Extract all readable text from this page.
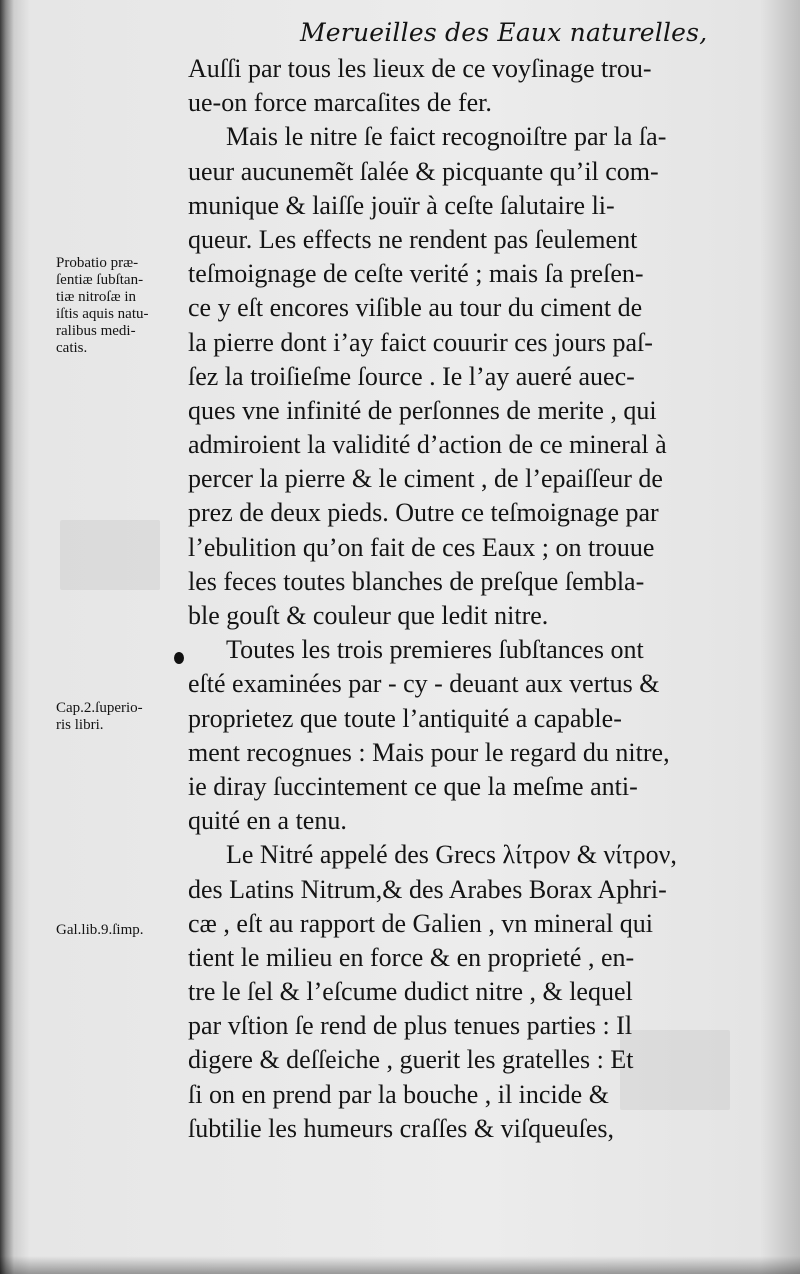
Merueilles des Eaux naturelles,
Auſſi par tous les lieux de ce voyſinage trou-
ue-on force marcaſites de fer.
Mais le nitre ſe faict recognoiſtre par la ſa-
ueur aucunemẽt ſalée & picquante qu’il com-
munique & laiſſe jouïr à ceſte ſalutaire li-
queur. Les effects ne rendent pas ſeulement
teſmoignage de ceſte verité ; mais ſa preſen-
ce y eſt encores viſible au tour du ciment de
la pierre dont i’ay faict couurir ces jours paſ-
ſez la troiſieſme ſource . Ie l’ay aueré auec-
ques vne infinité de perſonnes de merite , qui
admiroient la validité d’action de ce mineral à
percer la pierre & le ciment , de l’epaiſſeur de
prez de deux pieds. Outre ce teſmoignage par
l’ebulition qu’on fait de ces Eaux ; on trouue
les feces toutes blanches de preſque ſembla-
ble gouſt & couleur que ledit nitre.
Toutes les trois premieres ſubſtances ont
eſté examinées par - cy - deuant aux vertus &
proprietez que toute l’antiquité a capable-
ment recognues : Mais pour le regard du nitre,
ie diray ſuccintement ce que la meſme anti-
quité en a tenu.
Le Nitré appelé des Grecs λίτρον & νίτρον,
des Latins Nitrum,& des Arabes Borax Aphri-
cæ , eſt au rapport de Galien , vn mineral qui
tient le milieu en force & en proprieté , en-
tre le ſel & l’eſcume dudict nitre , & lequel
par vſtion ſe rend de plus tenues parties : Il
digere & deſſeiche , guerit les gratelles : Et
ſi on en prend par la bouche , il incide &
ſubtilie les humeurs craſſes & viſqueuſes,
Probatio præ-
ſentiæ ſubſtan-
tiæ nitroſæ in
iſtis aquis natu-
ralibus medi-
catis.
Cap.2.ſuperio-
ris libri.
Gal.lib.9.ſimp.
